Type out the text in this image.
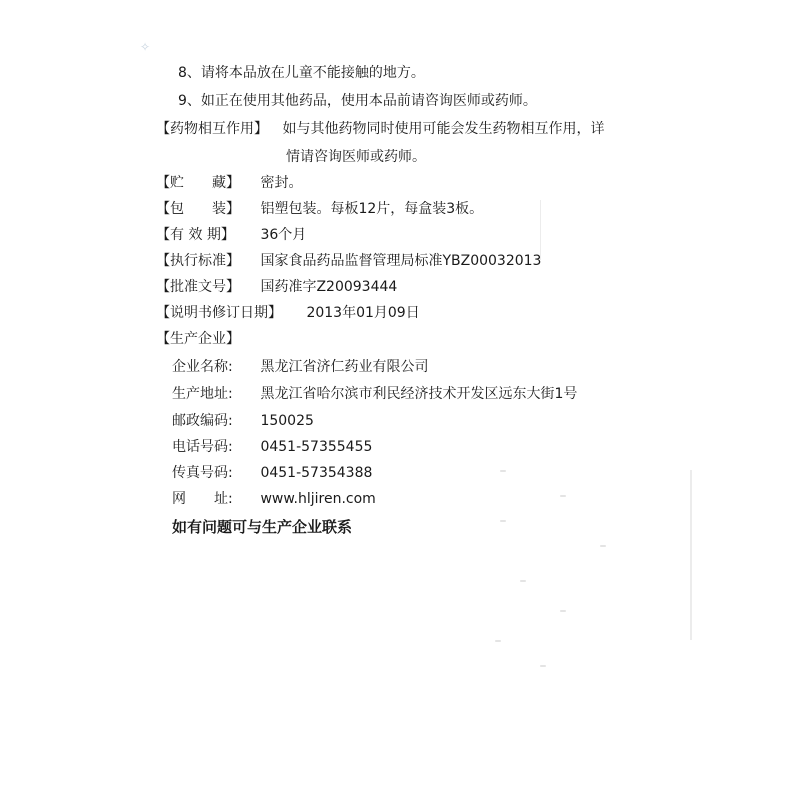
✧
8、请将本品放在儿童不能接触的地方。
9、如正在使用其他药品，使用本品前请咨询医师或药师。
【药物相互作用】 如与其他药物同时使用可能会发生药物相互作用，详
情请咨询医师或药师。
【贮　　藏】 密封。
【包　　装】 铝塑包装。每板12片，每盒装3板。
【有 效 期】 36个月
【执行标准】 国家食品药品监督管理局标准YBZ00032013
【批准文号】 国药准字Z20093444
【说明书修订日期】 2013年01月09日
【生产企业】
企业名称: 黑龙江省济仁药业有限公司
生产地址: 黑龙江省哈尔滨市利民经济技术开发区远东大街1号
邮政编码: 150025
电话号码: 0451-57355455
传真号码: 0451-57354388
网　　址: www.hljiren.com
如有问题可与生产企业联系
